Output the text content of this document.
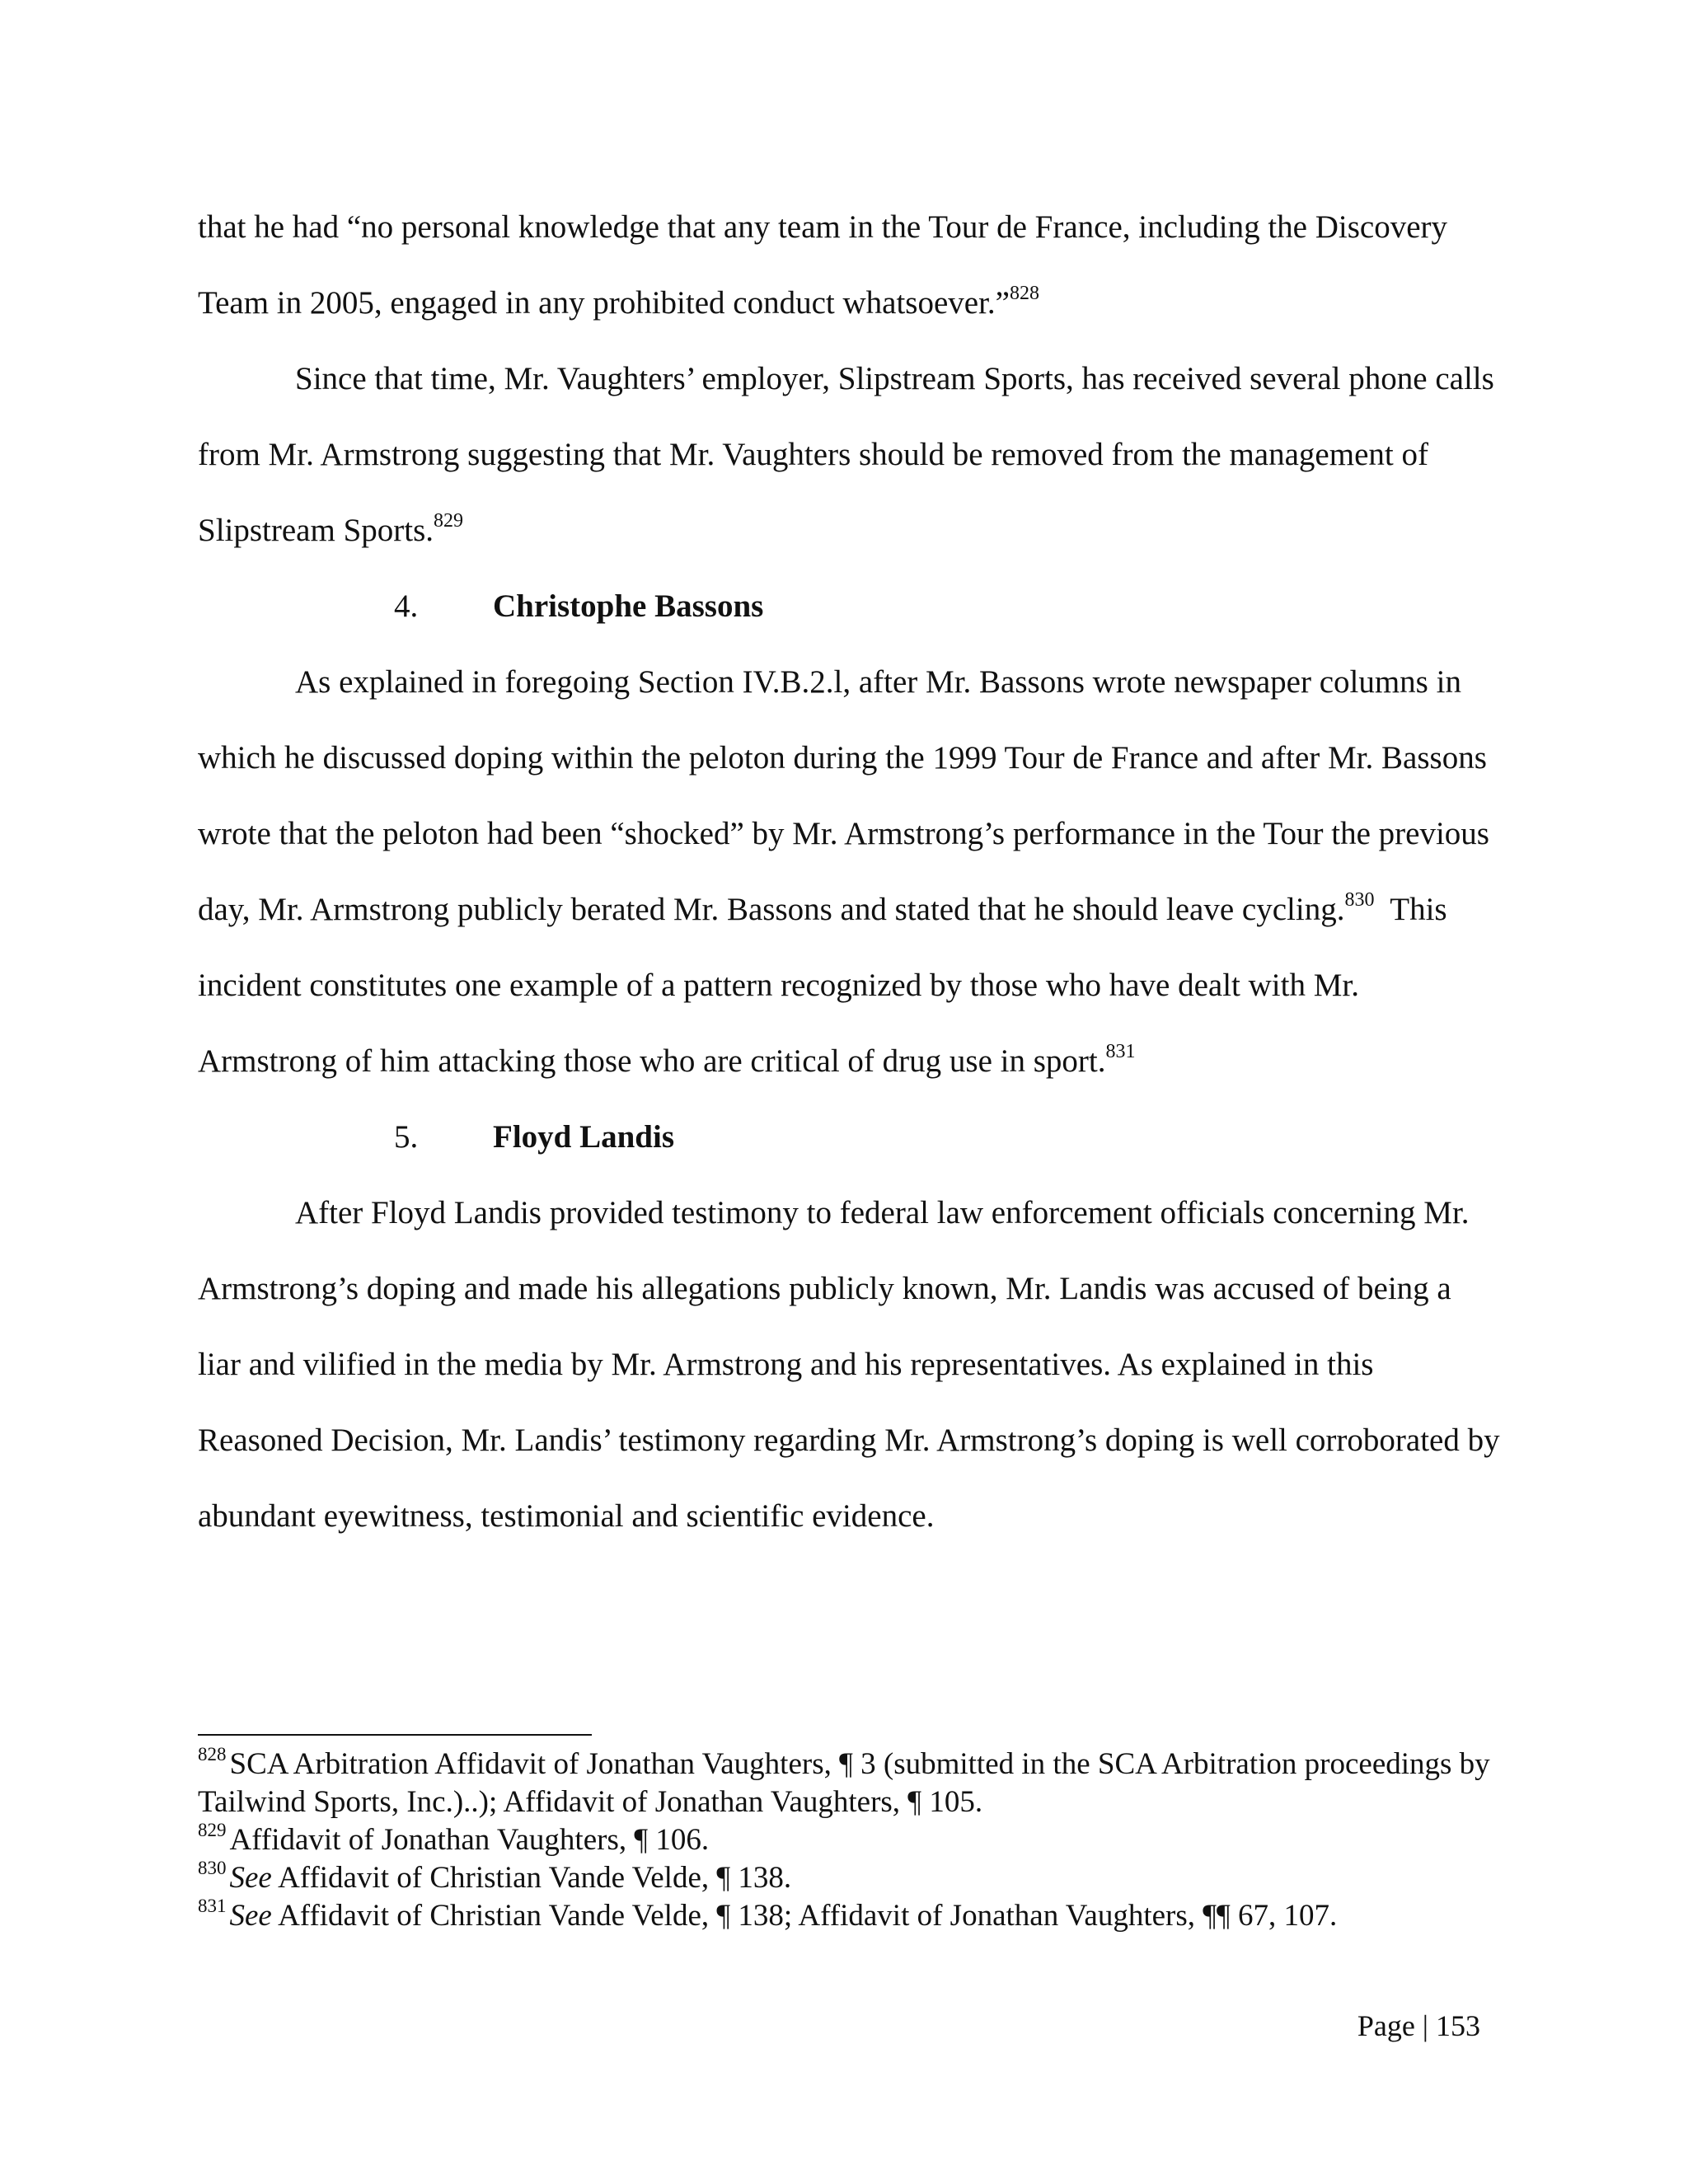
that he had “no personal knowledge that any team in the Tour de France, including the Discovery Team in 2005, engaged in any prohibited conduct whatsoever.”$^{828}$

Since that time, Mr. Vaughters’ employer, Slipstream Sports, has received several phone calls from Mr. Armstrong suggesting that Mr. Vaughters should be removed from the management of Slipstream Sports.$^{829}$

4. Christophe Bassons

As explained in foregoing Section IV.B.2.l, after Mr. Bassons wrote newspaper columns in which he discussed doping within the peloton during the 1999 Tour de France and after Mr. Bassons wrote that the peloton had been “shocked” by Mr. Armstrong’s performance in the Tour the previous day, Mr. Armstrong publicly berated Mr. Bassons and stated that he should leave cycling.$^{830}$ This incident constitutes one example of a pattern recognized by those who have dealt with Mr. Armstrong of him attacking those who are critical of drug use in sport.$^{831}$

5. Floyd Landis

After Floyd Landis provided testimony to federal law enforcement officials concerning Mr. Armstrong’s doping and made his allegations publicly known, Mr. Landis was accused of being a liar and vilified in the media by Mr. Armstrong and his representatives. As explained in this Reasoned Decision, Mr. Landis’ testimony regarding Mr. Armstrong’s doping is well corroborated by abundant eyewitness, testimonial and scientific evidence.

$^{828}$ SCA Arbitration Affidavit of Jonathan Vaughters, ¶ 3 (submitted in the SCA Arbitration proceedings by Tailwind Sports, Inc.)..); Affidavit of Jonathan Vaughters, ¶ 105.

$^{829}$ Affidavit of Jonathan Vaughters, ¶ 106.

$^{830}$ See Affidavit of Christian Vande Velde, ¶ 138.

$^{831}$ See Affidavit of Christian Vande Velde, ¶ 138; Affidavit of Jonathan Vaughters, ¶¶ 67, 107.

Page | 153
